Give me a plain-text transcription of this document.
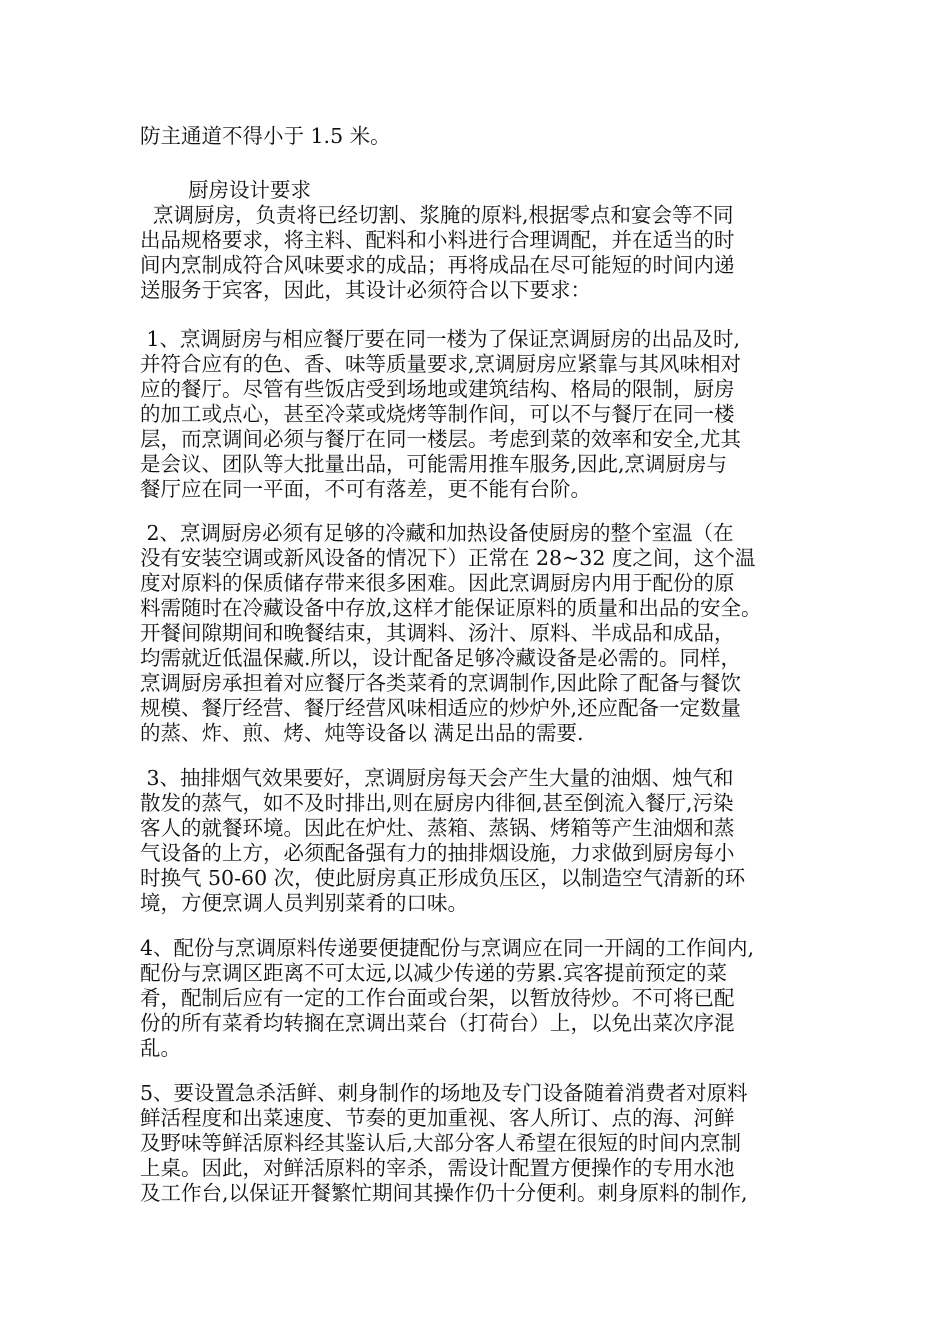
防主通道不得小于 1.5 米。

厨房设计要求

烹调厨房，负责将已经切割、浆腌的原料,根据零点和宴会等不同

出品规格要求，将主料、配料和小料进行合理调配，并在适当的时

间内烹制成符合风味要求的成品；再将成品在尽可能短的时间内递

送服务于宾客，因此，其设计必须符合以下要求：

1、烹调厨房与相应餐厅要在同一楼为了保证烹调厨房的出品及时,

并符合应有的色、香、味等质量要求,烹调厨房应紧靠与其风味相对

应的餐厅。尽管有些饭店受到场地或建筑结构、格局的限制，厨房

的加工或点心，甚至冷菜或烧烤等制作间，可以不与餐厅在同一楼

层，而烹调间必须与餐厅在同一楼层。考虑到菜的效率和安全,尤其

是会议、团队等大批量出品，可能需用推车服务,因此,烹调厨房与

餐厅应在同一平面，不可有落差，更不能有台阶。

2、烹调厨房必须有足够的冷藏和加热设备使厨房的整个室温（在

没有安装空调或新风设备的情况下）正常在 28~32 度之间，这个温

度对原料的保质储存带来很多困难。因此烹调厨房内用于配份的原

料需随时在冷藏设备中存放,这样才能保证原料的质量和出品的安全。

开餐间隙期间和晚餐结束，其调料、汤汁、原料、半成品和成品，

均需就近低温保藏.所以，设计配备足够冷藏设备是必需的。同样，

烹调厨房承担着对应餐厅各类菜肴的烹调制作,因此除了配备与餐饮

规模、餐厅经营、餐厅经营风味相适应的炒炉外,还应配备一定数量

的蒸、炸、煎、烤、炖等设备以 满足出品的需要.

3、抽排烟气效果要好，烹调厨房每天会产生大量的油烟、烛气和

散发的蒸气，如不及时排出,则在厨房内徘徊,甚至倒流入餐厅,污染

客人的就餐环境。因此在炉灶、蒸箱、蒸锅、烤箱等产生油烟和蒸

气设备的上方，必须配备强有力的抽排烟设施，力求做到厨房每小

时换气 50-60 次，使此厨房真正形成负压区，以制造空气清新的环

境，方便烹调人员判别菜肴的口味。

4、配份与烹调原料传递要便捷配份与烹调应在同一开阔的工作间内,

配份与烹调区距离不可太远,以减少传递的劳累.宾客提前预定的菜

肴，配制后应有一定的工作台面或台架，以暂放待炒。不可将已配

份的所有菜肴均转搁在烹调出菜台（打荷台）上，以免出菜次序混

乱。

5、要设置急杀活鲜、刺身制作的场地及专门设备随着消费者对原料

鲜活程度和出菜速度、节奏的更加重视、客人所订、点的海、河鲜

及野味等鲜活原料经其鉴认后,大部分客人希望在很短的时间内烹制

上桌。因此，对鲜活原料的宰杀，需设计配置方便操作的专用水池

及工作台,以保证开餐繁忙期间其操作仍十分便利。刺身原料的制作,
